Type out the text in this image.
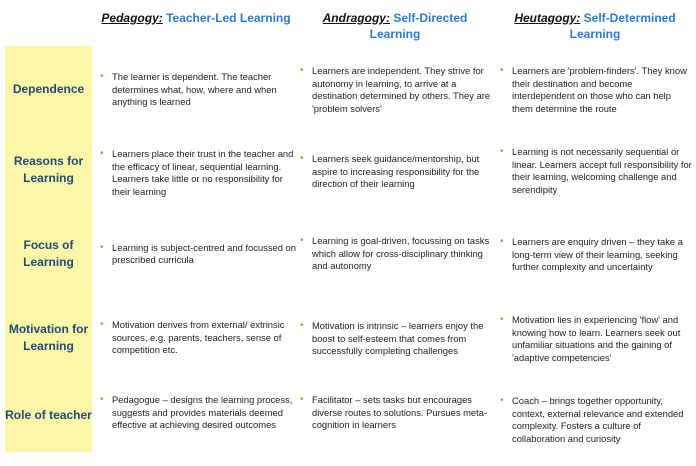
Pedagogy: Teacher-Led Learning	Andragogy: Self-Directed Learning
Heutagogy: Self-Determined Learning
Dependence
Reasons for Learning
Focus of Learning
Motivation for Learning
Role of teacher
• The learner is dependent. The teacher determines what, how, where and when anything is learned
• Learners are independent. They strive for autonomy in learning, to arrive at a destination determined by others. They are 'problem solvers'
• Learners are 'problem-finders'. They know their destination and become interdependent on those who can help them determine the route
• Learners place their trust in the teacher and the efficacy of linear, sequential learning. Learners take little or no responsibility for their learning
• Learners seek guidance/mentorship, but aspire to increasing responsibility for the direction of their learning
• Learning is not necessarily sequential or linear. Learners accept full responsibility for their learning, welcoming challenge and serendipity
• Learning is subject-centred and focussed on prescribed curricula
• Learning is goal-driven, focussing on tasks which allow for cross-disciplinary thinking and autonomy
• Learners are enquiry driven – they take a long-term view of their learning, seeking further complexity and uncertainty
• Motivation derives from external/ extrinsic sources, e.g. parents, teachers, sense of competition etc.
• Motivation is intrinsic – learners enjoy the boost to self-esteem that comes from successfully completing challenges
• Motivation lies in experiencing 'flow' and knowing how to learn. Learners seek out unfamiliar situations and the gaining of 'adaptive competencies'
• Pedagogue – designs the learning process, suggests and provides materials deemed effective at achieving desired outcomes
• Facilitator – sets tasks but encourages diverse routes to solutions. Pursues meta-cognition in learners
• Coach – brings together opportunity, context, external relevance and extended complexity. Fosters a culture of collaboration and curiosity
